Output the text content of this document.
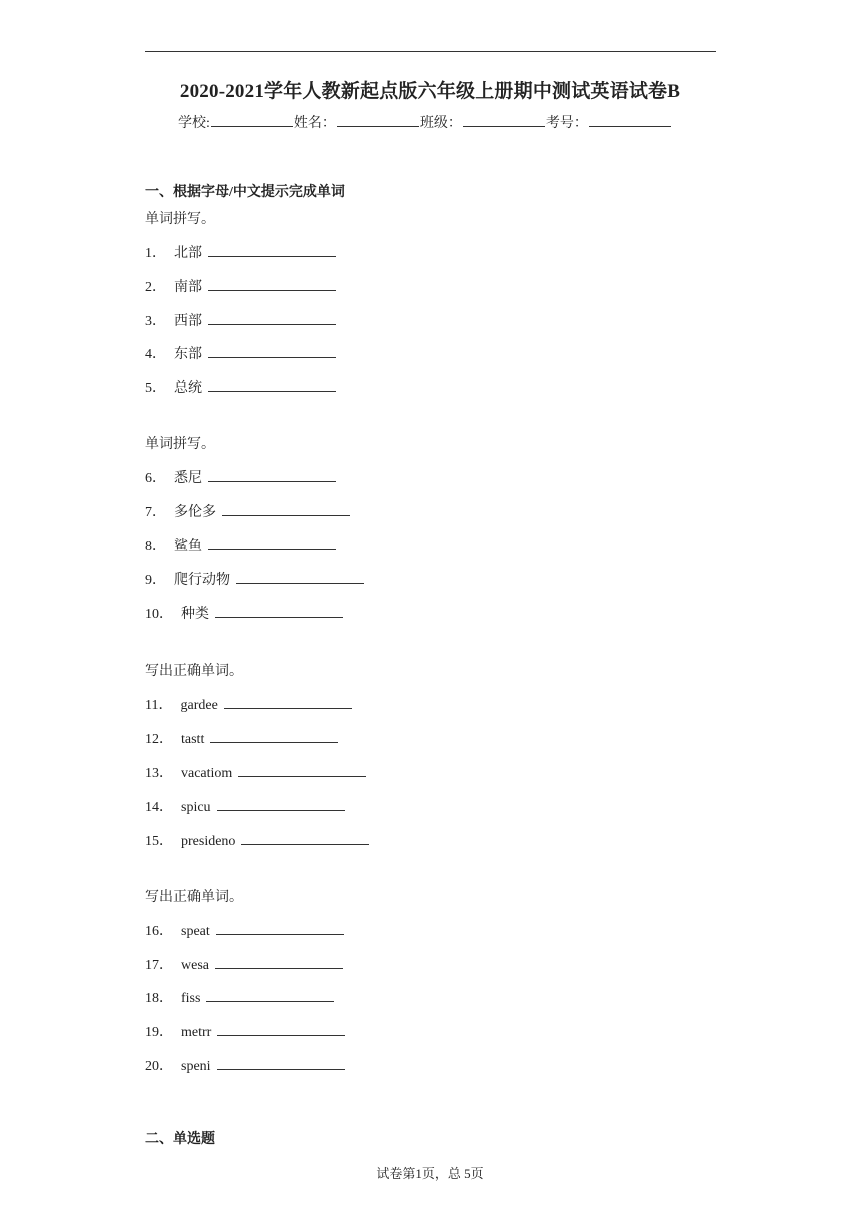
2020-2021学年人教新起点版六年级上册期中测试英语试卷B
学校:	姓名：	班级：	考号：
一、根据字母/中文提示完成单词
单词拼写。
1． 北部
2． 南部
3． 西部
4． 东部
5． 总统
单词拼写。
6． 悉尼
7． 多伦多
8． 鲨鱼
9． 爬行动物
10． 种类
写出正确单词。
11． gardee
12． tastt
13． vacatiom
14． spicu
15． presideno
写出正确单词。
16． speat
17． wesa
18． fiss
19． metrr
20． speni
二、单选题
试卷第1页，总 5页
